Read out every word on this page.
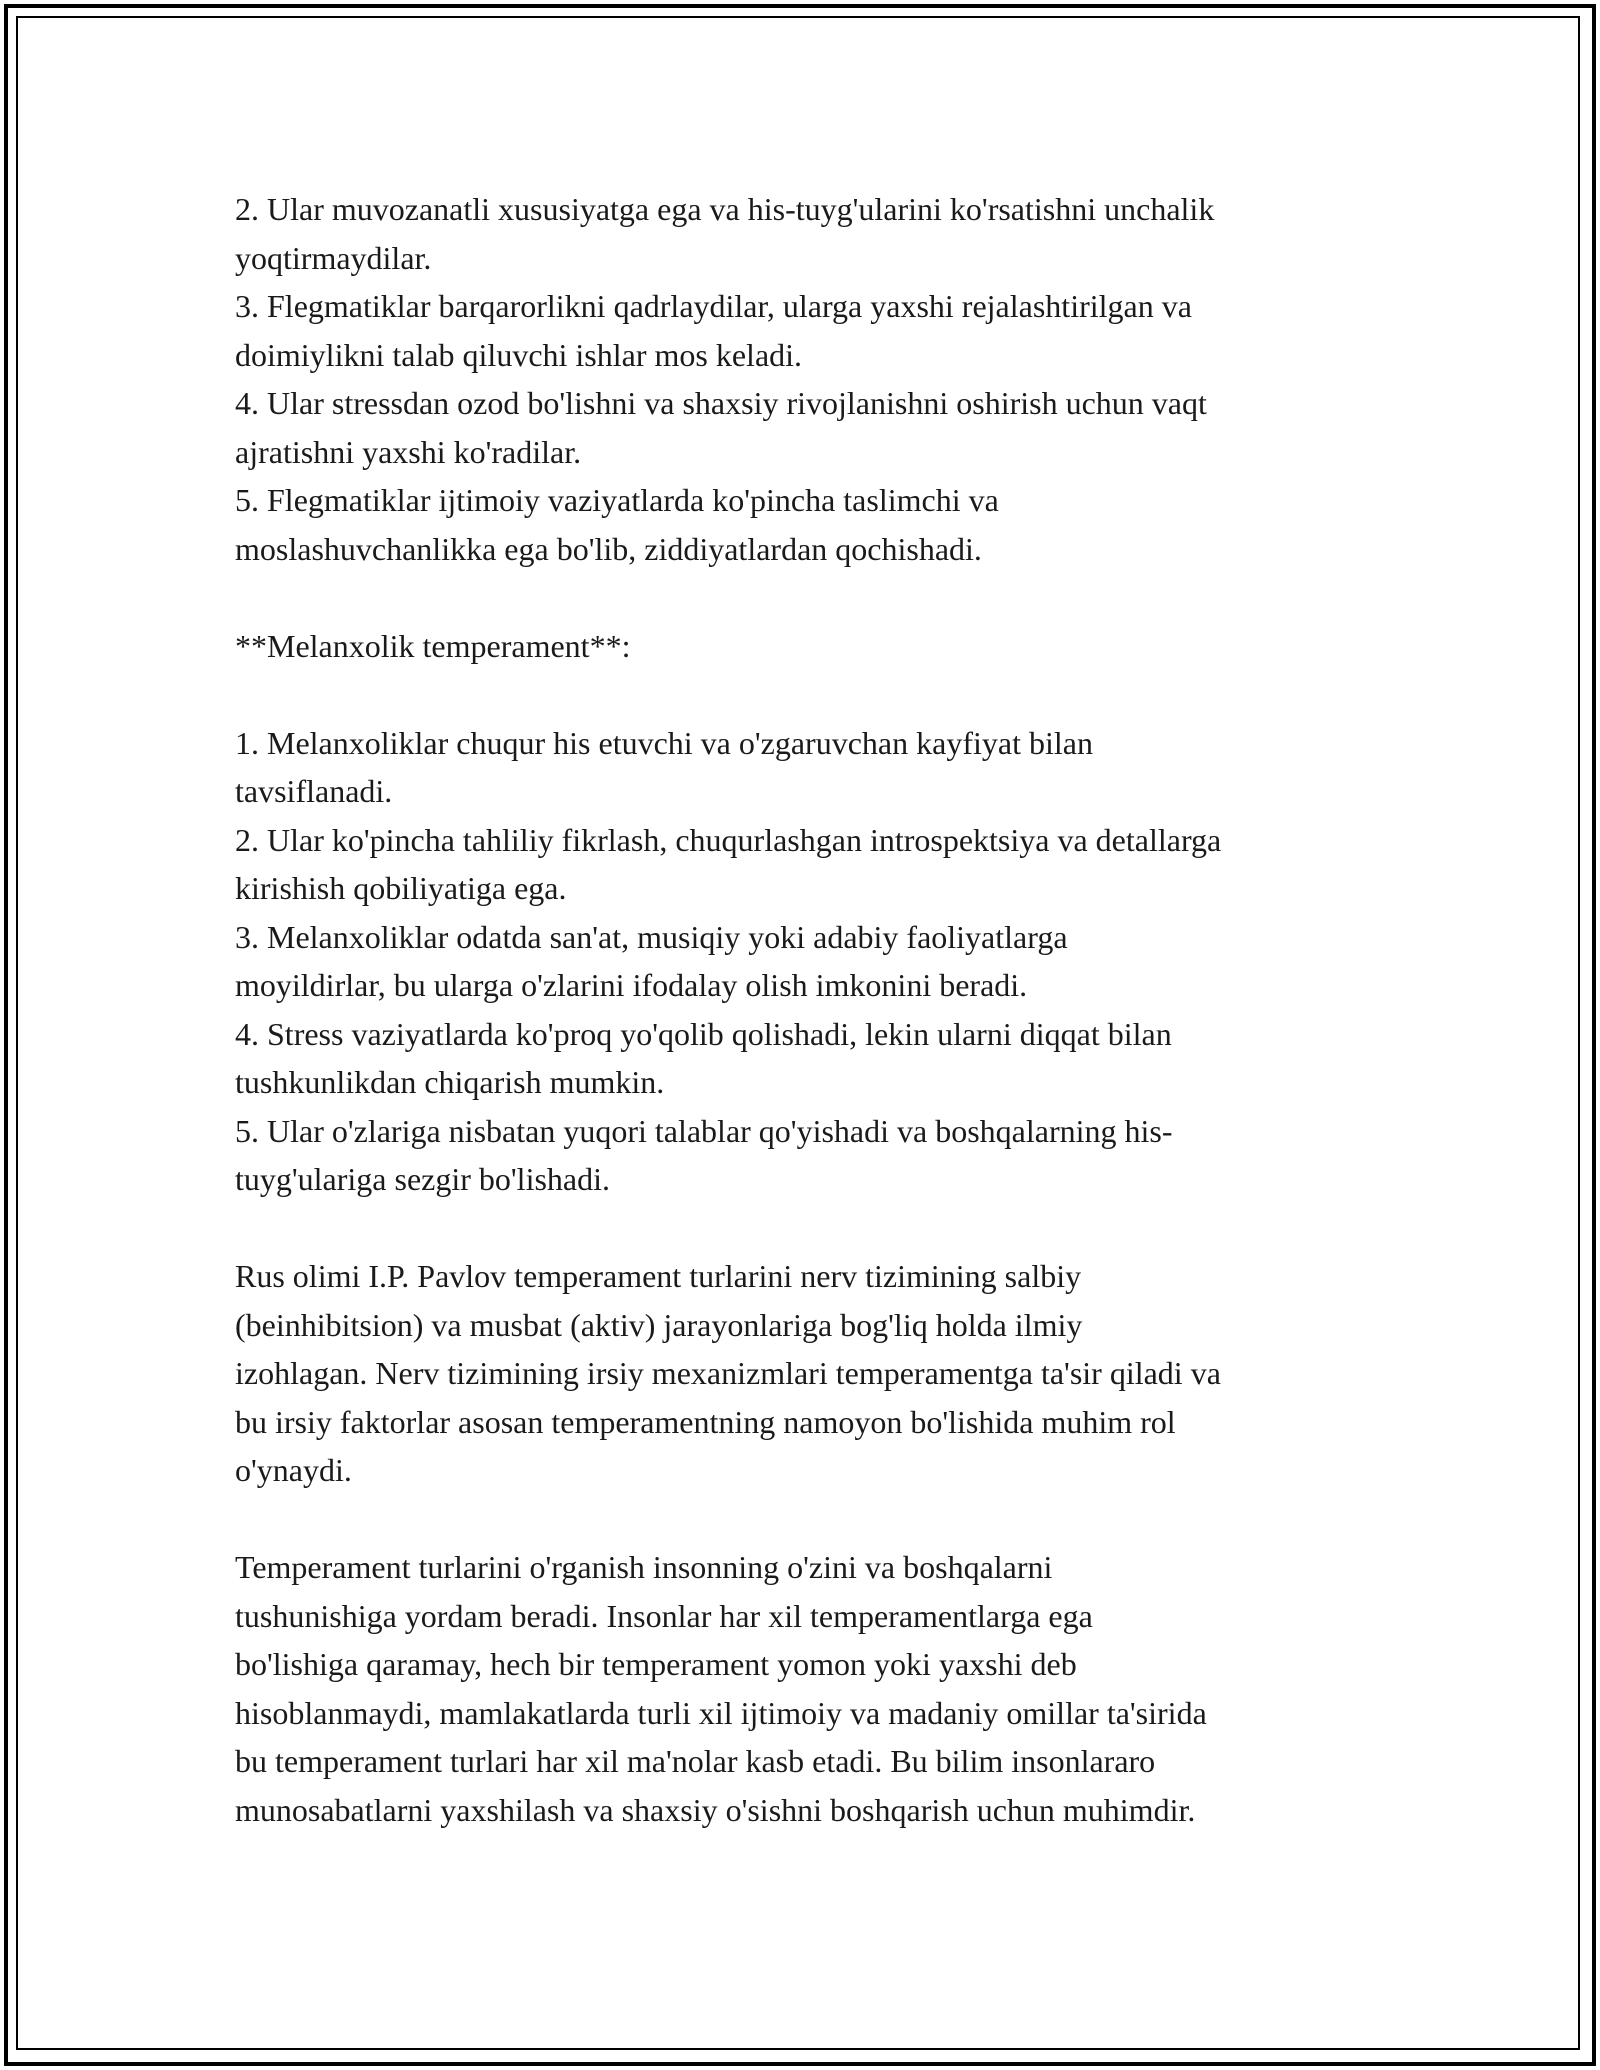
2. Ular muvozanatli xususiyatga ega va his-tuyg'ularini ko'rsatishni unchalik
yoqtirmaydilar.
3. Flegmatiklar barqarorlikni qadrlaydilar, ularga yaxshi rejalashtirilgan va
doimiylikni talab qiluvchi ishlar mos keladi.
4. Ular stressdan ozod bo'lishni va shaxsiy rivojlanishni oshirish uchun vaqt
ajratishni yaxshi ko'radilar.
5. Flegmatiklar ijtimoiy vaziyatlarda ko'pincha taslimchi va
moslashuvchanlikka ega bo'lib, ziddiyatlardan qochishadi.
**Melanxolik temperament**:
1. Melanxoliklar chuqur his etuvchi va o'zgaruvchan kayfiyat bilan
tavsiflanadi.
2. Ular ko'pincha tahliliy fikrlash, chuqurlashgan introspektsiya va detallarga
kirishish qobiliyatiga ega.
3. Melanxoliklar odatda san'at, musiqiy yoki adabiy faoliyatlarga
moyildirlar, bu ularga o'zlarini ifodalay olish imkonini beradi.
4. Stress vaziyatlarda ko'proq yo'qolib qolishadi, lekin ularni diqqat bilan
tushkunlikdan chiqarish mumkin.
5. Ular o'zlariga nisbatan yuqori talablar qo'yishadi va boshqalarning his-
tuyg'ulariga sezgir bo'lishadi.
Rus olimi I.P. Pavlov temperament turlarini nerv tizimining salbiy
(beinhibitsion) va musbat (aktiv) jarayonlariga bog'liq holda ilmiy
izohlagan. Nerv tizimining irsiy mexanizmlari temperamentga ta'sir qiladi va
bu irsiy faktorlar asosan temperamentning namoyon bo'lishida muhim rol
o'ynaydi.
Temperament turlarini o'rganish insonning o'zini va boshqalarni
tushunishiga yordam beradi. Insonlar har xil temperamentlarga ega
bo'lishiga qaramay, hech bir temperament yomon yoki yaxshi deb
hisoblanmaydi, mamlakatlarda turli xil ijtimoiy va madaniy omillar ta'sirida
bu temperament turlari har xil ma'nolar kasb etadi. Bu bilim insonlararo
munosabatlarni yaxshilash va shaxsiy o'sishni boshqarish uchun muhimdir.
